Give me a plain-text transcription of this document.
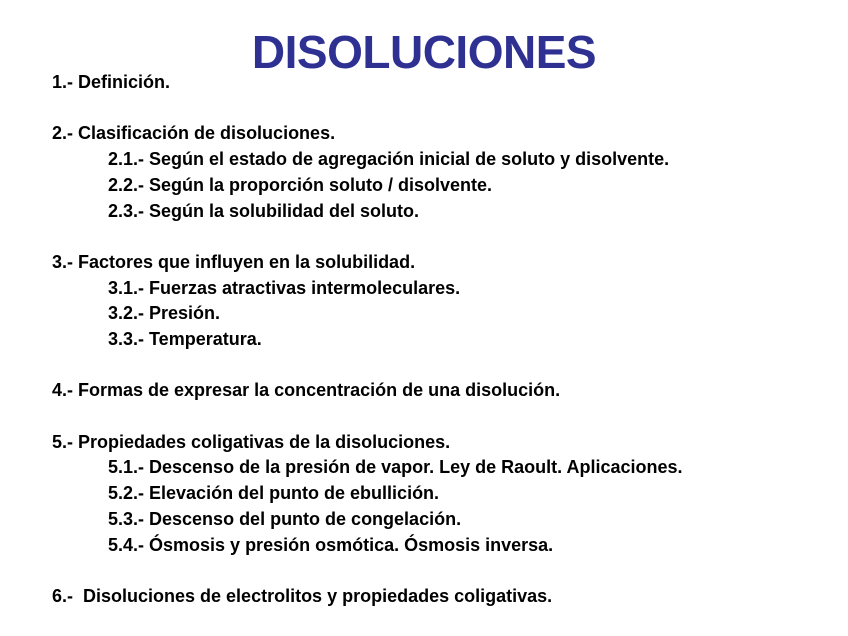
DISOLUCIONES
1.- Definición.
2.- Clasificación de disoluciones.
2.1.- Según el estado de agregación inicial de soluto y disolvente.
2.2.- Según la proporción soluto / disolvente.
2.3.- Según la solubilidad del soluto.
3.- Factores que influyen en la solubilidad.
3.1.- Fuerzas atractivas intermoleculares.
3.2.- Presión.
3.3.- Temperatura.
4.- Formas de expresar la concentración de una disolución.
5.- Propiedades coligativas de la disoluciones.
5.1.- Descenso de la presión de vapor. Ley de Raoult. Aplicaciones.
5.2.- Elevación del punto de ebullición.
5.3.- Descenso del punto de congelación.
5.4.- Ósmosis y presión osmótica. Ósmosis inversa.
6.-  Disoluciones de electrolitos y propiedades coligativas.
